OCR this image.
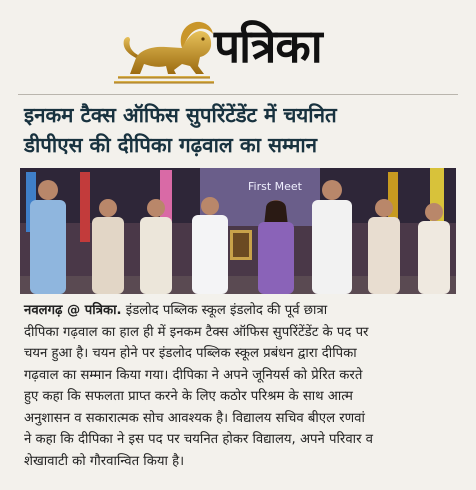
पत्रिका
इनकम टैक्स ऑफिस सुपरिंटेंडेंट में चयनित
डीपीएस की दीपिका गढ़वाल का सम्मान
First Meet
नवलगढ़ @ पत्रिका. इंडलोद पब्लिक स्कूल इंडलोद की पूर्व छात्रा
दीपिका गढ़वाल का हाल ही में इनकम टैक्स ऑफिस सुपरिंटेंडेंट के पद पर
चयन हुआ है। चयन होने पर इंडलोद पब्लिक स्कूल प्रबंधन द्वारा दीपिका
गढ़वाल का सम्मान किया गया। दीपिका ने अपने जूनियर्स को प्रेरित करते
हुए कहा कि सफलता प्राप्त करने के लिए कठोर परिश्रम के साथ आत्म
अनुशासन व सकारात्मक सोच आवश्यक है। विद्यालय सचिव बीएल रणवां
ने कहा कि दीपिका ने इस पद पर चयनित होकर विद्यालय, अपने परिवार व
शेखावाटी को गौरवान्वित किया है।
